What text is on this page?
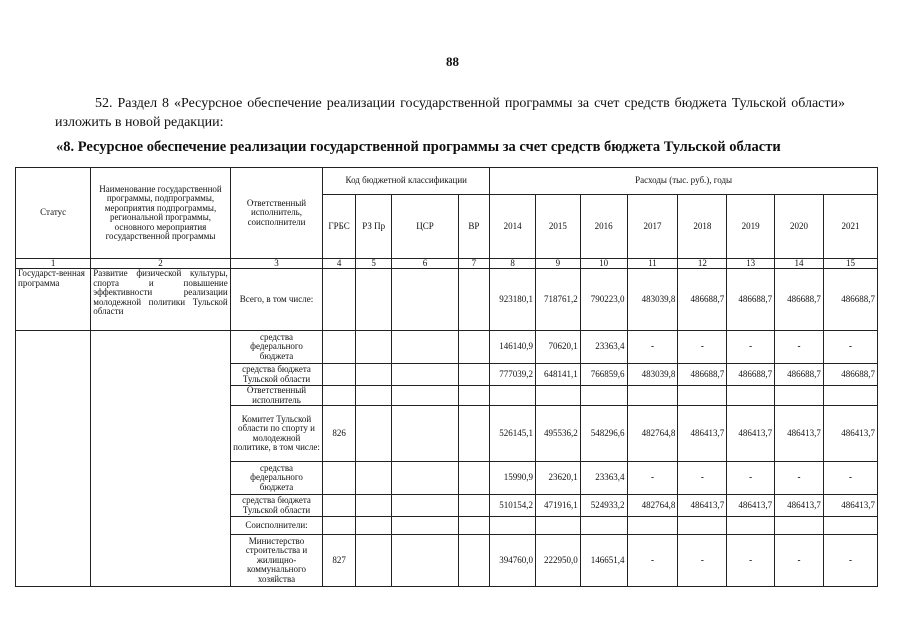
88
52. Раздел 8 «Ресурсное обеспечение реализации государственной программы за счет средств бюджета Тульской области» изложить в новой редакции:
«8. Ресурсное обеспечение реализации государственной программы за счет средств бюджета Тульской области
Статус	Наименование государственной программы, подпрограммы, мероприятия подпрограммы, региональной программы, основного мероприятия государственной программы	Ответственный исполнитель, соисполнители	Код бюджетной классификации				Расходы (тыс. руб.), годы							
			ГРБС	РЗ Пр	ЦСР	ВР	2014	2015	2016	2017	2018	2019	2020	2021
1	2	3	4	5	6	7	8	9	10	11	12	13	14	15
Государст-венная программа	Развитие физической культуры, спорта и повышение эффективности реализации молодежной политики Тульской области	Всего, в том числе:					923180,1	718761,2	790223,0	483039,8	486688,7	486688,7	486688,7	486688,7
		средства федерального бюджета					146140,9	70620,1	23363,4	-	-	-	-	-
		средства бюджета Тульской области					777039,2	648141,1	766859,6	483039,8	486688,7	486688,7	486688,7	486688,7
		Ответственный исполнитель												
		Комитет Тульской области по спорту и молодежной политике, в том числе:	826				526145,1	495536,2	548296,6	482764,8	486413,7	486413,7	486413,7	486413,7
		средства федерального бюджета					15990,9	23620,1	23363,4	-	-	-	-	-
		средства бюджета Тульской области					510154,2	471916,1	524933,2	482764,8	486413,7	486413,7	486413,7	486413,7
		Соисполнители:												
		Министерство строительства и жилищно-коммунального хозяйства	827				394760,0	222950,0	146651,4	-	-	-	-	-
